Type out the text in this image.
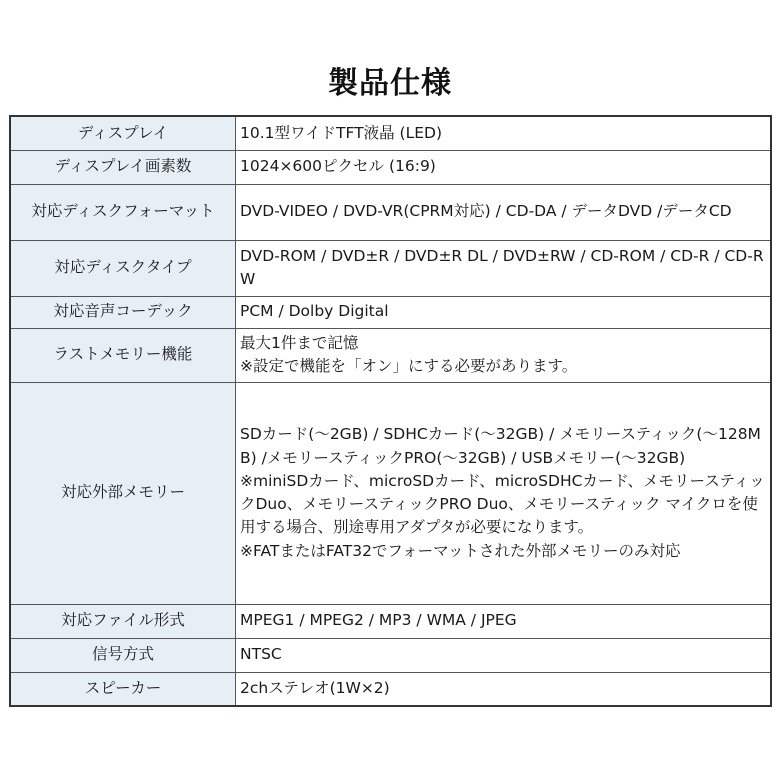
製品仕様
ディスプレイ	10.1型ワイドTFT液晶 (LED)

ディスプレイ画素数	1024×600ピクセル (16:9)

対応ディスクフォーマット	DVD-VIDEO / DVD-VR(CPRM対応) / CD-DA / データDVD /データCD

対応ディスクタイプ	DVD-ROM / DVD±R / DVD±R DL / DVD±RW / CD-ROM / CD-R / CD-RW

対応音声コーデック	PCM / Dolby Digital

ラストメモリー機能	最大1件まで記憶
※設定で機能を「オン」にする必要があります。

対応外部メモリー	SDカード(～2GB) / SDHCカード(～32GB) / メモリースティック(～128MB) /メモリースティックPRO(～32GB) / USBメモリー(～32GB)
※miniSDカード、microSDカード、microSDHCカード、メモリースティックDuo、メモリースティックPRO Duo、メモリースティック マイクロを使用する場合、別途専用アダプタが必要になります。
※FATまたはFAT32でフォーマットされた外部メモリーのみ対応

対応ファイル形式	MPEG1 / MPEG2 / MP3 / WMA / JPEG

信号方式	NTSC

スピーカー	2chステレオ(1W×2)
